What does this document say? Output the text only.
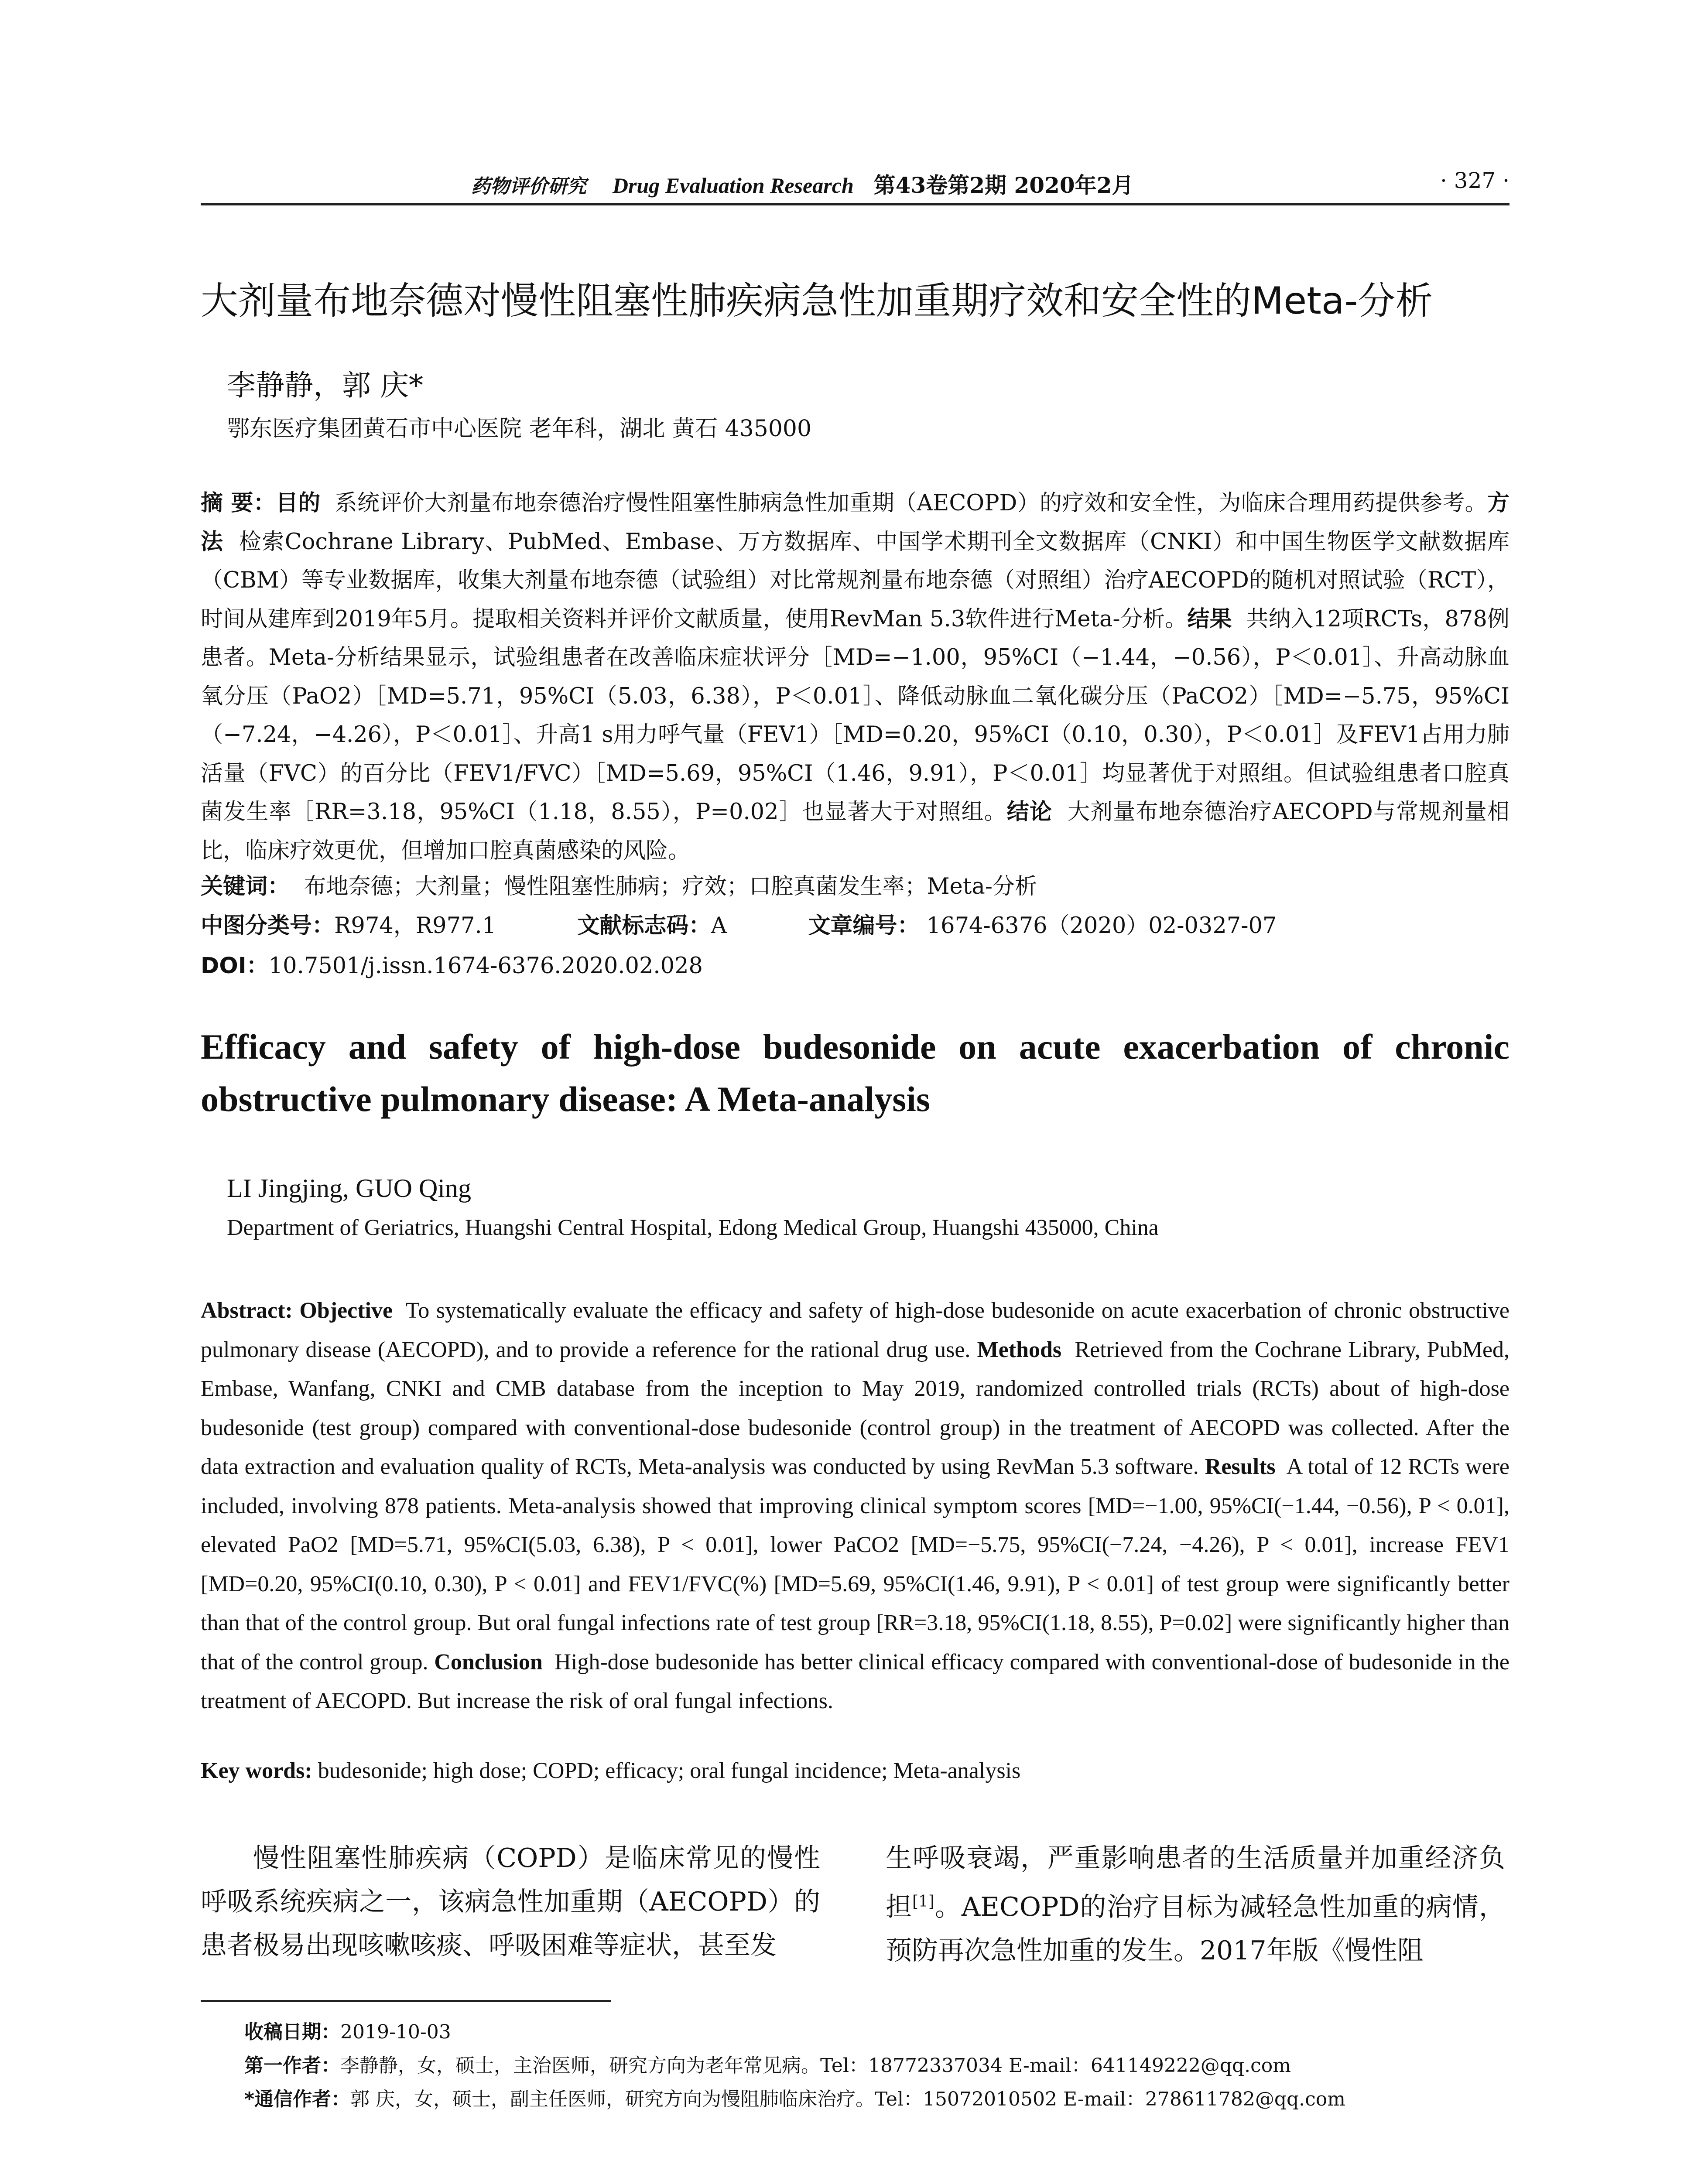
药物评价研究 Drug Evaluation Research 第43卷第2期 2020年2月	· 327 ·
大剂量布地奈德对慢性阻塞性肺疾病急性加重期疗效和安全性的Meta-分析
李静静，郭 庆*
鄂东医疗集团黄石市中心医院 老年科，湖北 黄石 435000

摘 要：目的 系统评价大剂量布地奈德治疗慢性阻塞性肺病急性加重期（AECOPD）的疗效和安全性，为临床合理用药提供参考。方法 检索Cochrane Library、PubMed、Embase、万方数据库、中国学术期刊全文数据库（CNKI）和中国生物医学文献数据库（CBM）等专业数据库，收集大剂量布地奈德（试验组）对比常规剂量布地奈德（对照组）治疗AECOPD的随机对照试验（RCT），时间从建库到2019年5月。提取相关资料并评价文献质量，使用RevMan 5.3软件进行Meta-分析。结果 共纳入12项RCTs，878例患者。Meta-分析结果显示，试验组患者在改善临床症状评分［MD=−1.00，95%CI（−1.44，−0.56），P＜0.01］、升高动脉血氧分压（PaO2）［MD=5.71，95%CI（5.03，6.38），P＜0.01］、降低动脉血二氧化碳分压（PaCO2）［MD=−5.75，95%CI（−7.24，−4.26），P＜0.01］、升高1 s用力呼气量（FEV1）［MD=0.20，95%CI（0.10，0.30），P＜0.01］及FEV1占用力肺活量（FVC）的百分比（FEV1/FVC）［MD=5.69，95%CI（1.46，9.91），P＜0.01］均显著优于对照组。但试验组患者口腔真菌发生率［RR=3.18，95%CI（1.18，8.55），P=0.02］也显著大于对照组。结论 大剂量布地奈德治疗AECOPD与常规剂量相比，临床疗效更优，但增加口腔真菌感染的风险。

关键词： 布地奈德；大剂量；慢性阻塞性肺病；疗效；口腔真菌发生率；Meta-分析
中图分类号：R974，R977.1	文献标志码：A	文章编号： 1674-6376（2020）02-0327-07
DOI：10.7501/j.issn.1674-6376.2020.02.028
Efficacy and safety of high-dose budesonide on acute exacerbation of chronic obstructive pulmonary disease: A Meta-analysis
LI Jingjing, GUO Qing
Department of Geriatrics, Huangshi Central Hospital, Edong Medical Group, Huangshi 435000, China

Abstract: Objective To systematically evaluate the efficacy and safety of high-dose budesonide on acute exacerbation of chronic obstructive pulmonary disease (AECOPD), and to provide a reference for the rational drug use. Methods Retrieved from the Cochrane Library, PubMed, Embase, Wanfang, CNKI and CMB database from the inception to May 2019, randomized controlled trials (RCTs) about of high-dose budesonide (test group) compared with conventional-dose budesonide (control group) in the treatment of AECOPD was collected. After the data extraction and evaluation quality of RCTs, Meta-analysis was conducted by using RevMan 5.3 software. Results A total of 12 RCTs were included, involving 878 patients. Meta-analysis showed that improving clinical symptom scores [MD=−1.00, 95%CI(−1.44, −0.56), P < 0.01], elevated PaO2 [MD=5.71, 95%CI(5.03, 6.38), P < 0.01], lower PaCO2 [MD=−5.75, 95%CI(−7.24, −4.26), P < 0.01], increase FEV1 [MD=0.20, 95%CI(0.10, 0.30), P < 0.01] and FEV1/FVC(%) [MD=5.69, 95%CI(1.46, 9.91), P < 0.01] of test group were significantly better than that of the control group. But oral fungal infections rate of test group [RR=3.18, 95%CI(1.18, 8.55), P=0.02] were significantly higher than that of the control group. Conclusion High-dose budesonide has better clinical efficacy compared with conventional-dose of budesonide in the treatment of AECOPD. But increase the risk of oral fungal infections.

Key words: budesonide; high dose; COPD; efficacy; oral fungal incidence; Meta-analysis

慢性阻塞性肺疾病（COPD）是临床常见的慢性呼吸系统疾病之一，该病急性加重期（AECOPD）的患者极易出现咳嗽咳痰、呼吸困难等症状，甚至发

生呼吸衰竭，严重影响患者的生活质量并加重经济负担[1]。AECOPD的治疗目标为减轻急性加重的病情，预防再次急性加重的发生。2017年版《慢性阻

收稿日期：2019-10-03
第一作者：李静静，女，硕士，主治医师，研究方向为老年常见病。Tel：18772337034 E-mail：641149222@qq.com
*通信作者：郭 庆，女，硕士，副主任医师，研究方向为慢阻肺临床治疗。Tel：15072010502 E-mail：278611782@qq.com
